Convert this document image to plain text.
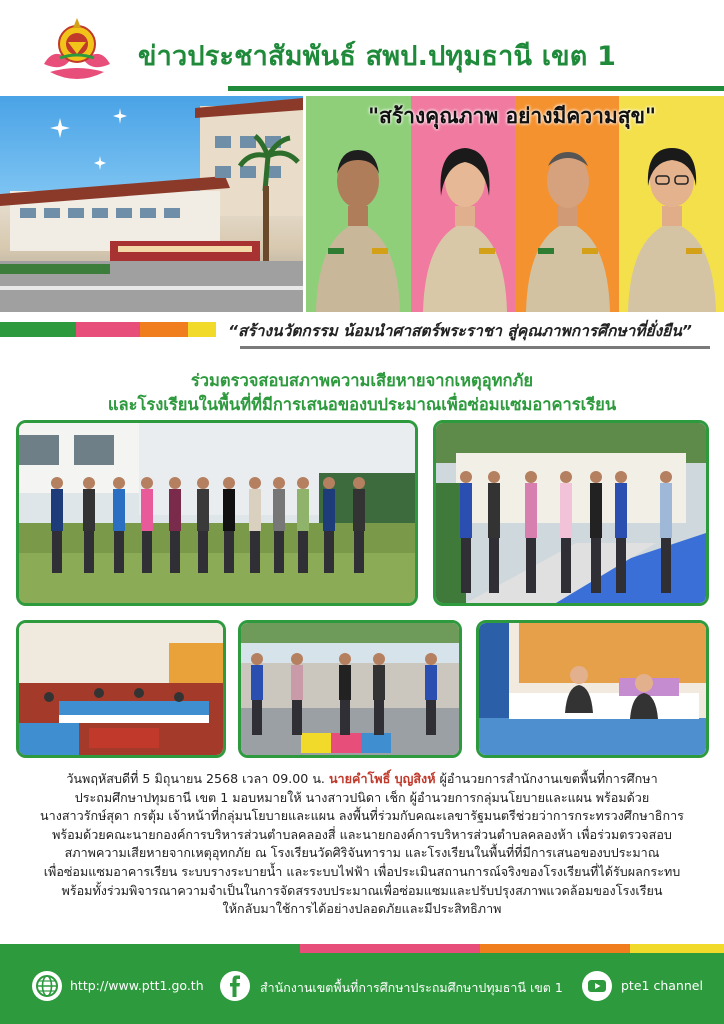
ข่าวประชาสัมพันธ์ สพป.ปทุมธานี เขต 1
"สร้างคุณภาพ อย่างมีความสุข"
“สร้างนวัตกรรม น้อมนำศาสตร์พระราชา สู่คุณภาพการศึกษาที่ยั่งยืน”
ร่วมตรวจสอบสภาพความเสียหายจากเหตุอุทกภัย
และโรงเรียนในพื้นที่ที่มีการเสนอของบประมาณเพื่อซ่อมแซมอาคารเรียน

วันพฤหัสบดีที่ 5 มิถุนายน 2568 เวลา 09.00 น. นายคำโพธิ์ บุญสิงห์ ผู้อำนวยการสำนักงานเขตพื้นที่การศึกษา

ประถมศึกษาปทุมธานี เขต 1 มอบหมายให้ นางสาวปนิดา เช็ก ผู้อำนวยการกลุ่มนโยบายและแผน พร้อมด้วย

นางสาวรักษ์สุดา กรตุ้ม เจ้าหน้าที่กลุ่มนโยบายและแผน ลงพื้นที่ร่วมกับคณะเลขารัฐมนตรีช่วยว่าการกระทรวงศึกษาธิการ

พร้อมด้วยคณะนายกองค์การบริหารส่วนตำบลคลองสี่ และนายกองค์การบริหารส่วนตำบลคลองห้า เพื่อร่วมตรวจสอบ

สภาพความเสียหายจากเหตุอุทกภัย ณ โรงเรียนวัดศิริจันทาราม และโรงเรียนในพื้นที่ที่มีการเสนอของบประมาณ

เพื่อซ่อมแซมอาคารเรียน ระบบรางระบายน้ำ และระบบไฟฟ้า เพื่อประเมินสถานการณ์จริงของโรงเรียนที่ได้รับผลกระทบ

พร้อมทั้งร่วมพิจารณาความจำเป็นในการจัดสรรงบประมาณเพื่อซ่อมแซมและปรับปรุงสภาพแวดล้อมของโรงเรียน

ให้กลับมาใช้การได้อย่างปลอดภัยและมีประสิทธิภาพ

http://www.ptt1.go.th	สำนักงานเขตพื้นที่การศึกษาประถมศึกษาปทุมธานี เขต 1	pte1 channel
